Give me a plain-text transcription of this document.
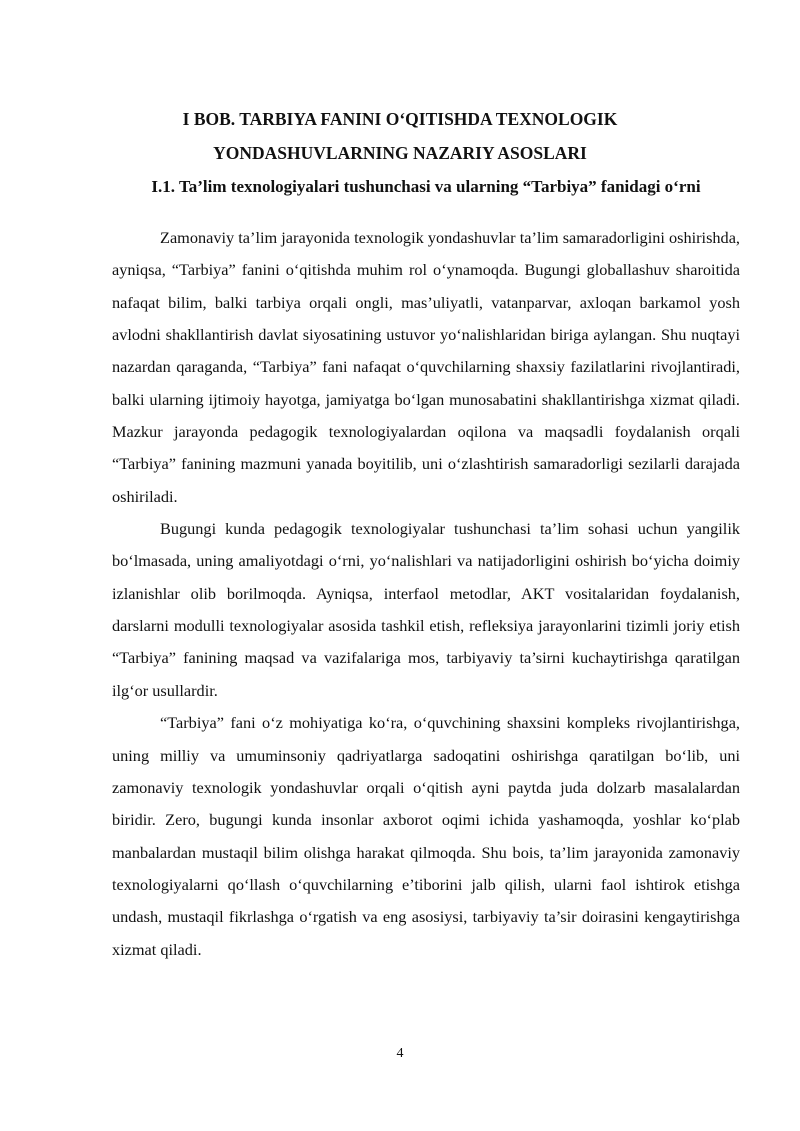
I BOB. TARBIYA FANINI O‘QITISHDA TEXNOLOGIK
YONDASHUVLARNING NAZARIY ASOSLARI
I.1. Ta’lim texnologiyalari tushunchasi va ularning “Tarbiya” fanidagi o‘rni

Zamonaviy ta’lim jarayonida texnologik yondashuvlar ta’lim samaradorligini oshirishda, ayniqsa, “Tarbiya” fanini o‘qitishda muhim rol o‘ynamoqda. Bugungi globallashuv sharoitida nafaqat bilim, balki tarbiya orqali ongli, mas’uliyatli, vatanparvar, axloqan barkamol yosh avlodni shakllantirish davlat siyosatining ustuvor yo‘nalishlaridan biriga aylangan. Shu nuqtayi nazardan qaraganda, “Tarbiya” fani nafaqat o‘quvchilarning shaxsiy fazilatlarini rivojlantiradi, balki ularning ijtimoiy hayotga, jamiyatga bo‘lgan munosabatini shakllantirishga xizmat qiladi. Mazkur jarayonda pedagogik texnologiyalardan oqilona va maqsadli foydalanish orqali “Tarbiya” fanining mazmuni yanada boyitilib, uni o‘zlashtirish samaradorligi sezilarli darajada oshiriladi.

Bugungi kunda pedagogik texnologiyalar tushunchasi ta’lim sohasi uchun yangilik bo‘lmasada, uning amaliyotdagi o‘rni, yo‘nalishlari va natijadorligini oshirish bo‘yicha doimiy izlanishlar olib borilmoqda. Ayniqsa, interfaol metodlar, AKT vositalaridan foydalanish, darslarni modulli texnologiyalar asosida tashkil etish, refleksiya jarayonlarini tizimli joriy etish “Tarbiya” fanining maqsad va vazifalariga mos, tarbiyaviy ta’sirni kuchaytirishga qaratilgan ilg‘or usullardir.

“Tarbiya” fani o‘z mohiyatiga ko‘ra, o‘quvchining shaxsini kompleks rivojlantirishga, uning milliy va umuminsoniy qadriyatlarga sadoqatini oshirishga qaratilgan bo‘lib, uni zamonaviy texnologik yondashuvlar orqali o‘qitish ayni paytda juda dolzarb masalalardan biridir. Zero, bugungi kunda insonlar axborot oqimi ichida yashamoqda, yoshlar ko‘plab manbalardan mustaqil bilim olishga harakat qilmoqda. Shu bois, ta’lim jarayonida zamonaviy texnologiyalarni qo‘llash o‘quvchilarning e’tiborini jalb qilish, ularni faol ishtirok etishga undash, mustaqil fikrlashga o‘rgatish va eng asosiysi, tarbiyaviy ta’sir doirasini kengaytirishga xizmat qiladi.

4
